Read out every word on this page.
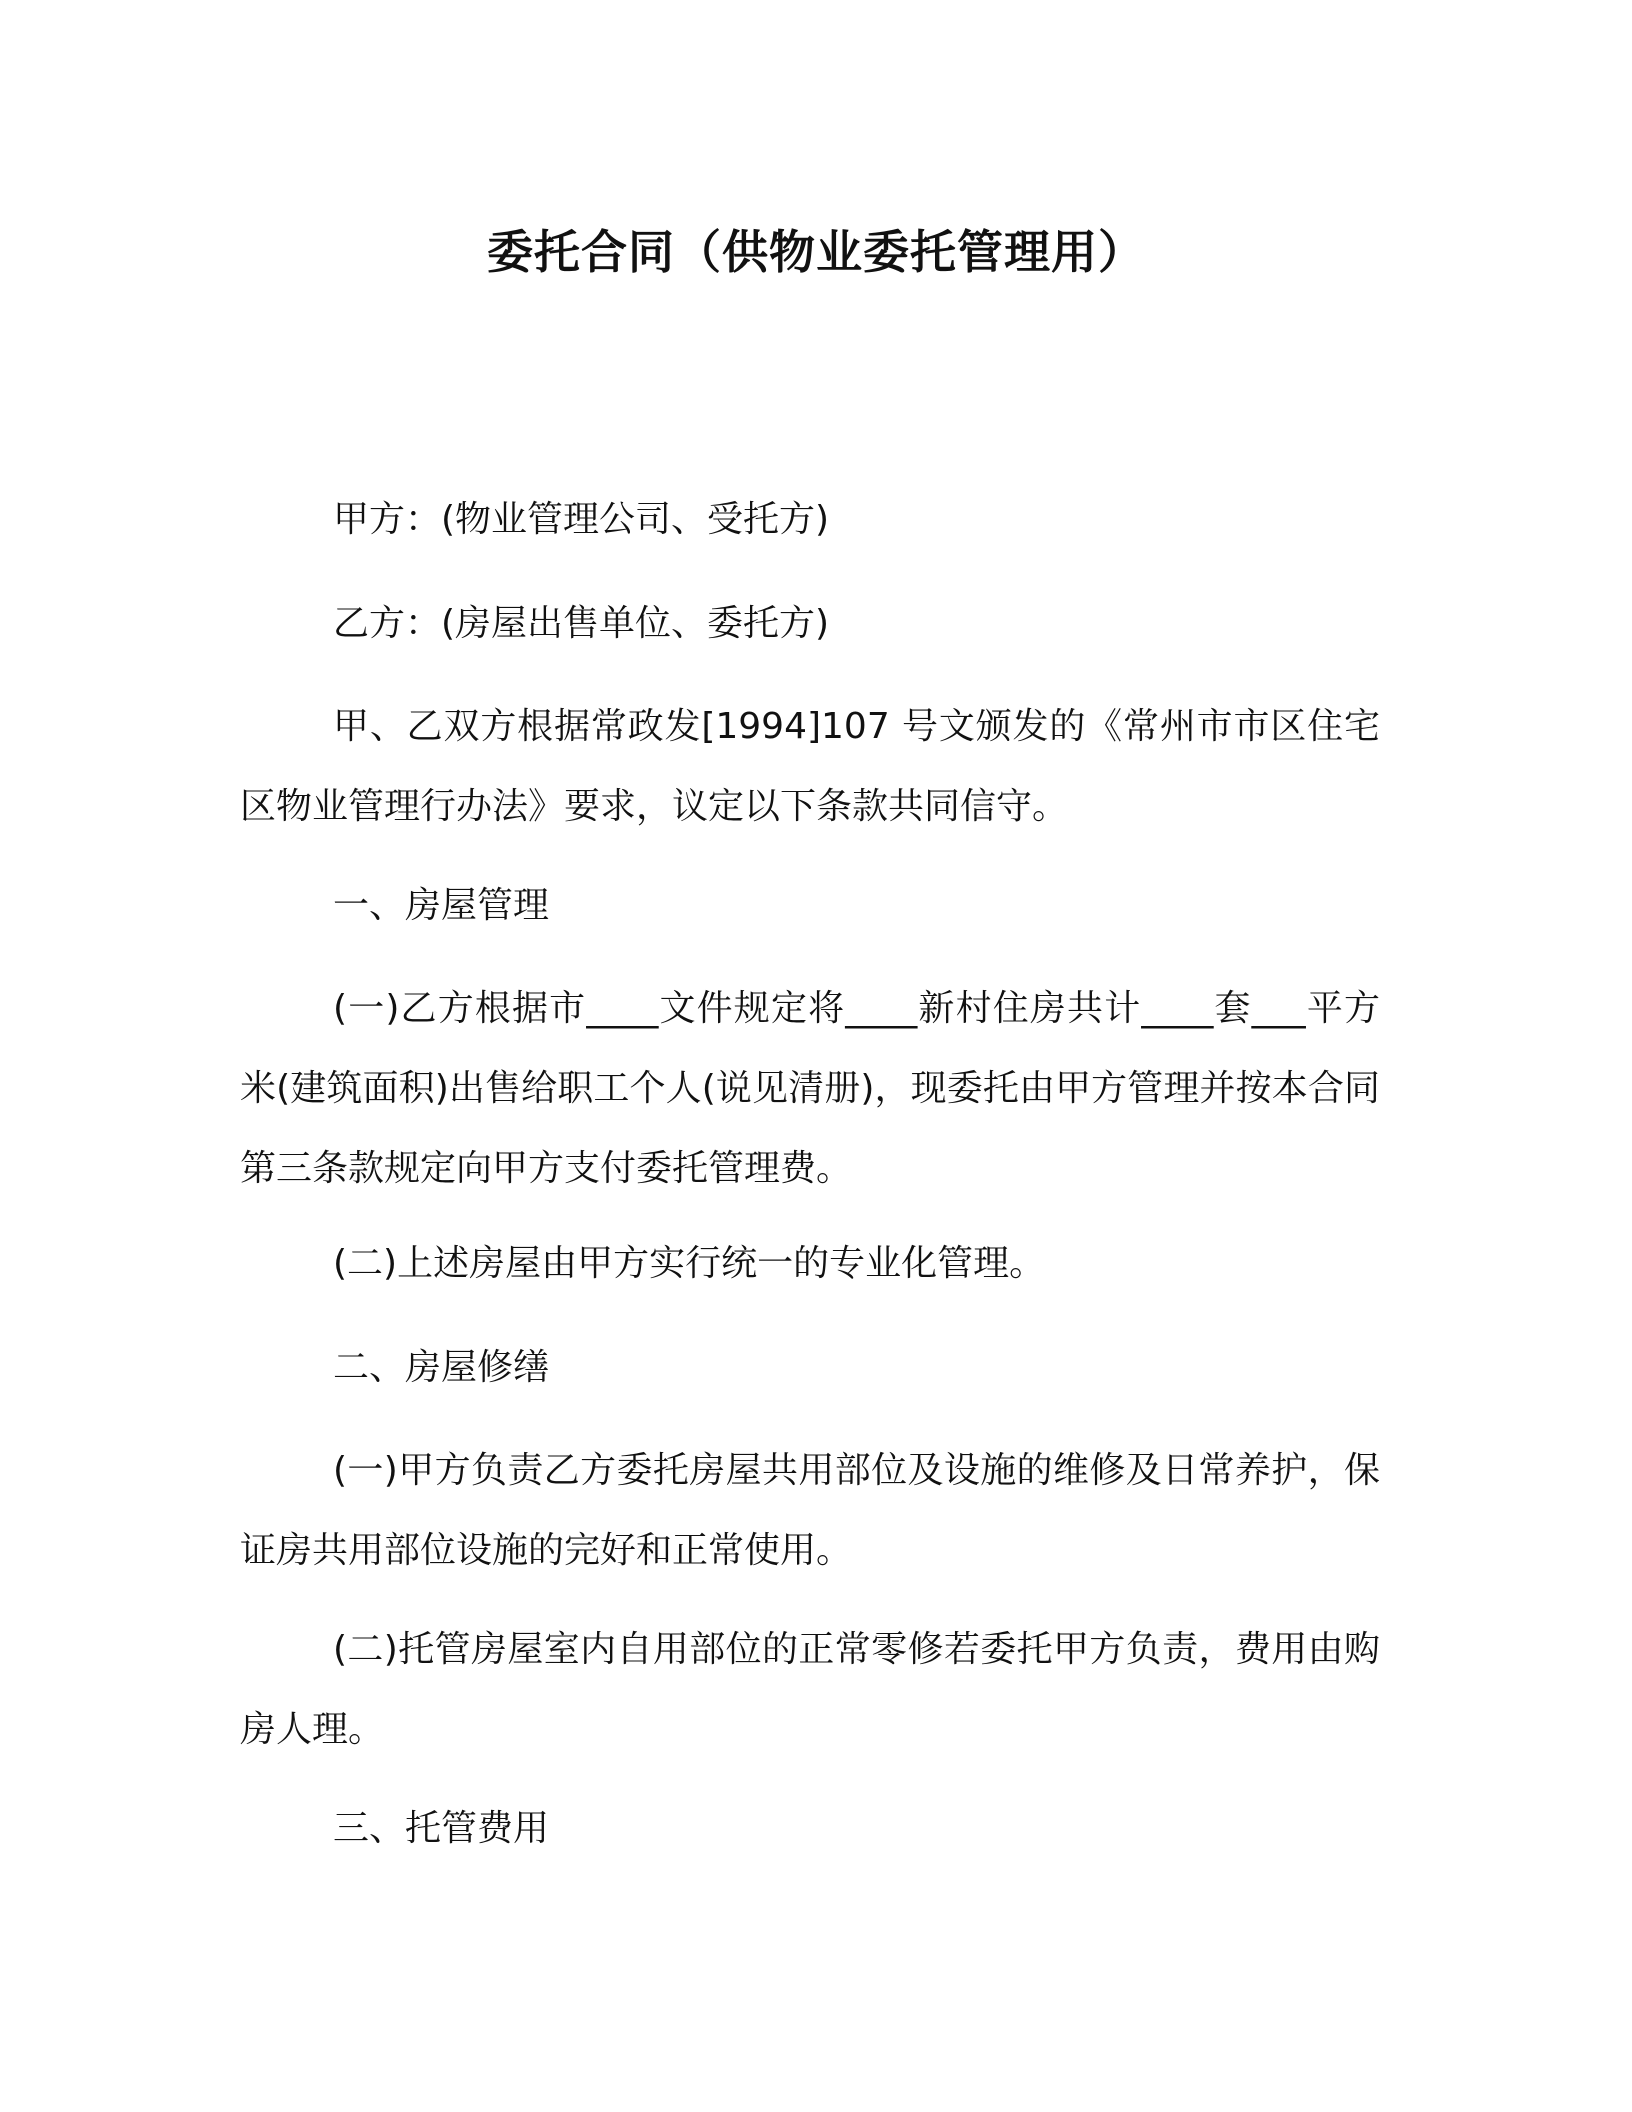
委托合同（供物业委托管理用）

甲方：(物业管理公司、受托方)

乙方：(房屋出售单位、委托方)

甲、乙双方根据常政发[1994]107 号文颁发的《常州市市区住宅区物业管理行办法》要求，议定以下条款共同信守。

一、房屋管理

(一)乙方根据市____文件规定将____新村住房共计____套___平方米(建筑面积)出售给职工个人(说见清册)，现委托由甲方管理并按本合同第三条款规定向甲方支付委托管理费。

(二)上述房屋由甲方实行统一的专业化管理。

二、房屋修缮

(一)甲方负责乙方委托房屋共用部位及设施的维修及日常养护，保证房共用部位设施的完好和正常使用。

(二)托管房屋室内自用部位的正常零修若委托甲方负责，费用由购房人理。

三、托管费用
